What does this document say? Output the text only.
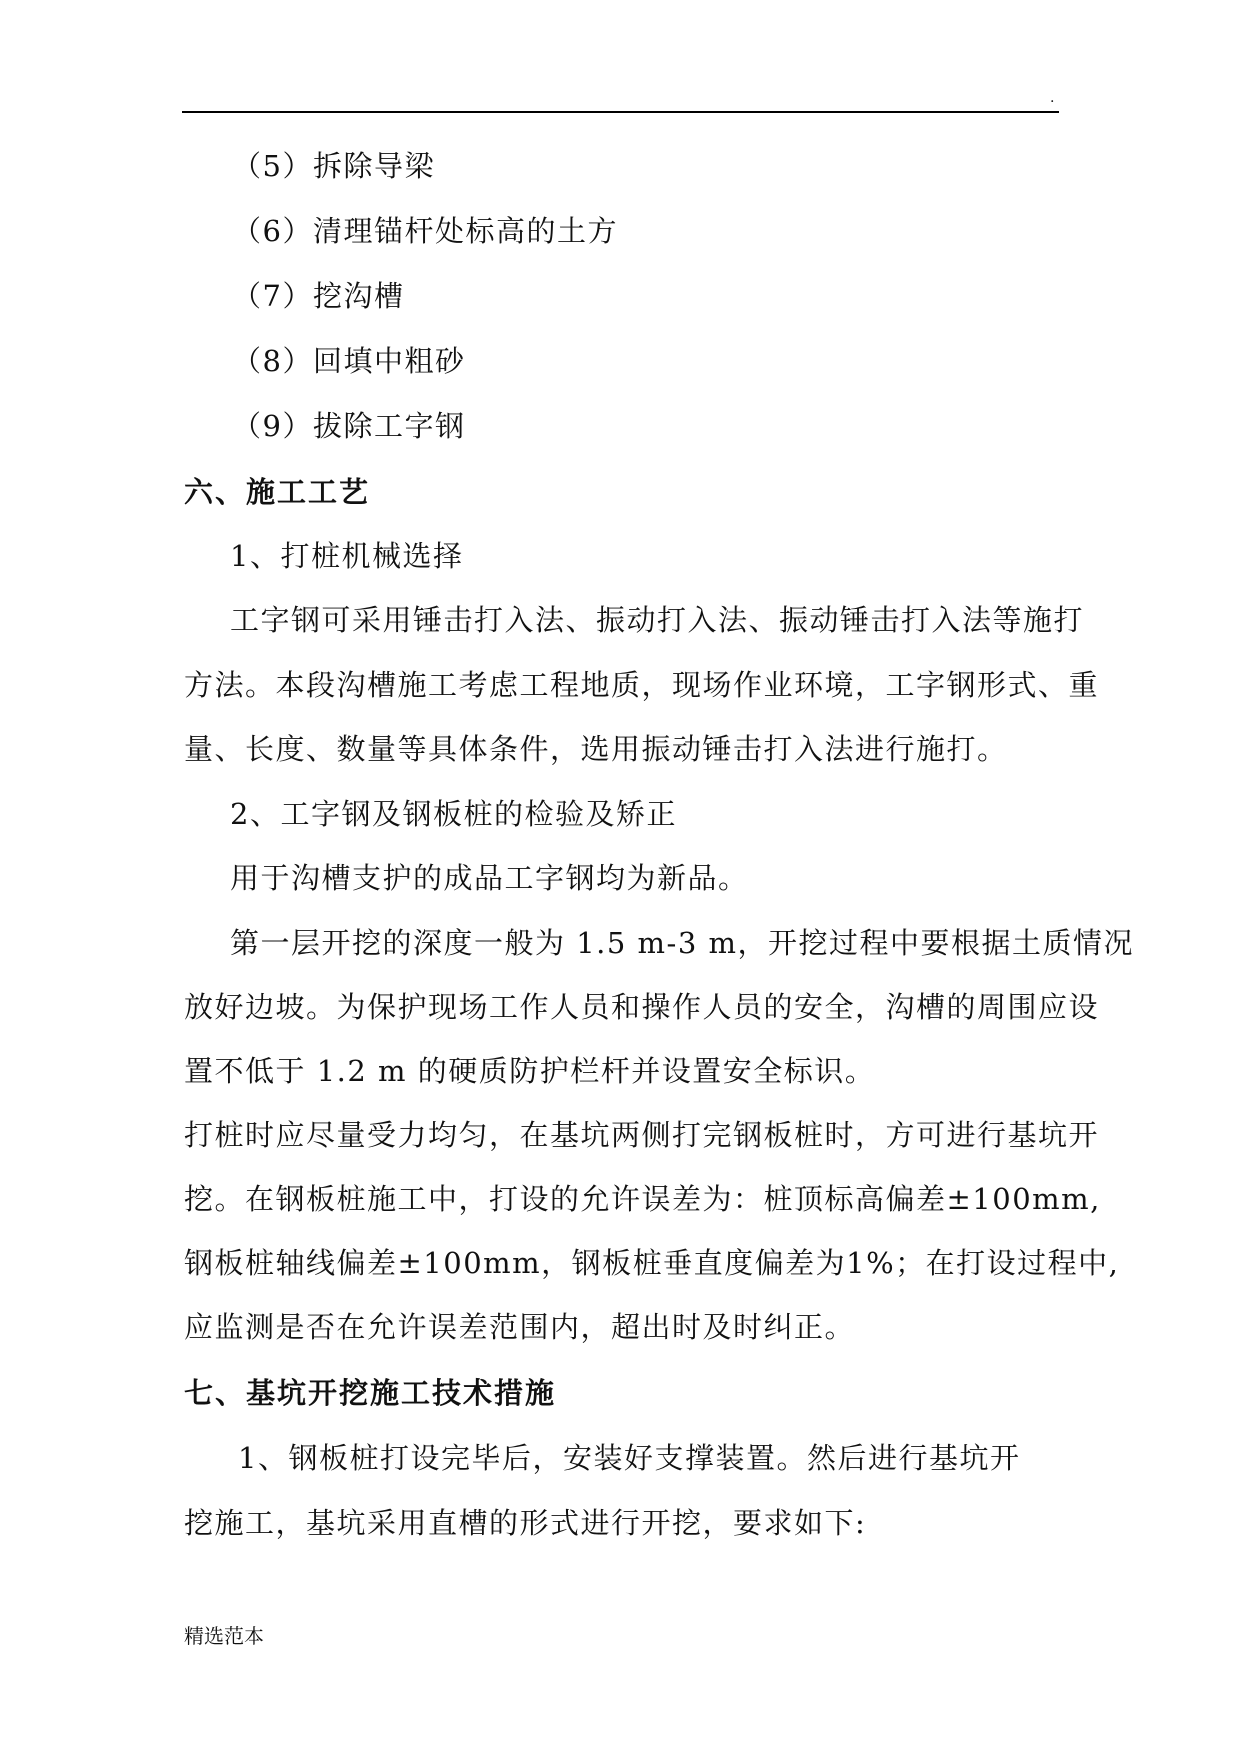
.
（5）拆除导梁
（6）清理锚杆处标高的土方
（7）挖沟槽
（8）回填中粗砂
（9）拔除工字钢
六、施工工艺
1、打桩机械选择
工字钢可采用锤击打入法、振动打入法、振动锤击打入法等施打
方法。本段沟槽施工考虑工程地质，现场作业环境，工字钢形式、重
量、长度、数量等具体条件，选用振动锤击打入法进行施打。
2、工字钢及钢板桩的检验及矫正
用于沟槽支护的成品工字钢均为新品。
第一层开挖的深度一般为 1.5 m-3 m，开挖过程中要根据土质情况
放好边坡。为保护现场工作人员和操作人员的安全，沟槽的周围应设
置不低于 1.2 m 的硬质防护栏杆并设置安全标识。
打桩时应尽量受力均匀，在基坑两侧打完钢板桩时，方可进行基坑开
挖。在钢板桩施工中，打设的允许误差为：桩顶标高偏差±100mm,
钢板桩轴线偏差±100mm，钢板桩垂直度偏差为1%；在打设过程中,
应监测是否在允许误差范围内，超出时及时纠正。
七、基坑开挖施工技术措施
1、钢板桩打设完毕后，安装好支撑装置。然后进行基坑开
挖施工，基坑采用直槽的形式进行开挖，要求如下:
精选范本
